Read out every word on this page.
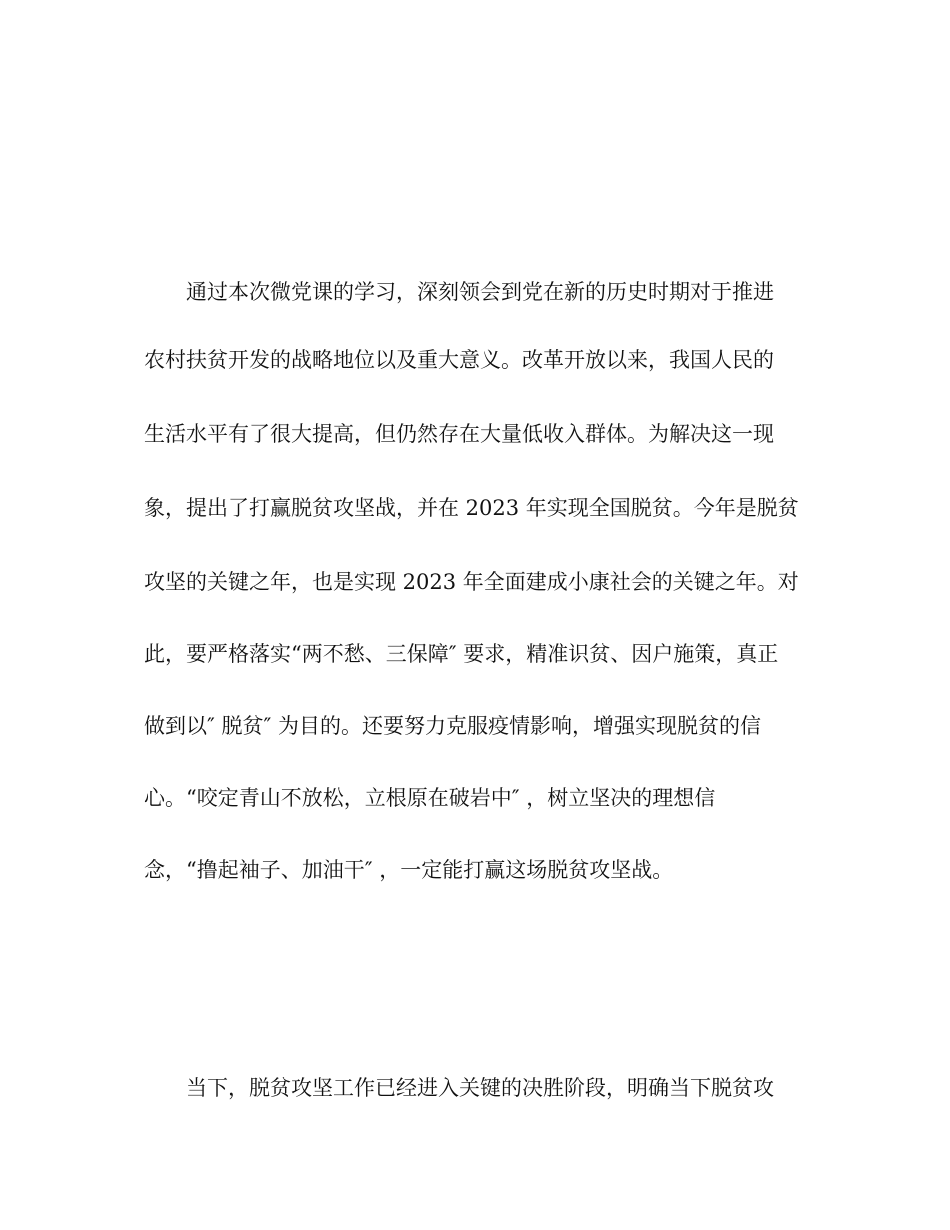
通过本次微党课的学习，深刻领会到党在新的历史时期对于推进
农村扶贫开发的战略地位以及重大意义。改革开放以来，我国人民的
生活水平有了很大提高，但仍然存在大量低收入群体。为解决这一现
象，提出了打赢脱贫攻坚战，并在 2023 年实现全国脱贫。今年是脱贫
攻坚的关键之年，也是实现 2023 年全面建成小康社会的关键之年。对
此，要严格落实“两不愁、三保障″ 要求，精准识贫、因户施策，真正
做到以″ 脱贫″ 为目的。还要努力克服疫情影响，增强实现脱贫的信
心。“咬定青山不放松，立根原在破岩中″ ，树立坚决的理想信
念，“撸起袖子、加油干″ ，一定能打赢这场脱贫攻坚战。
当下，脱贫攻坚工作已经进入关键的决胜阶段，明确当下脱贫攻
